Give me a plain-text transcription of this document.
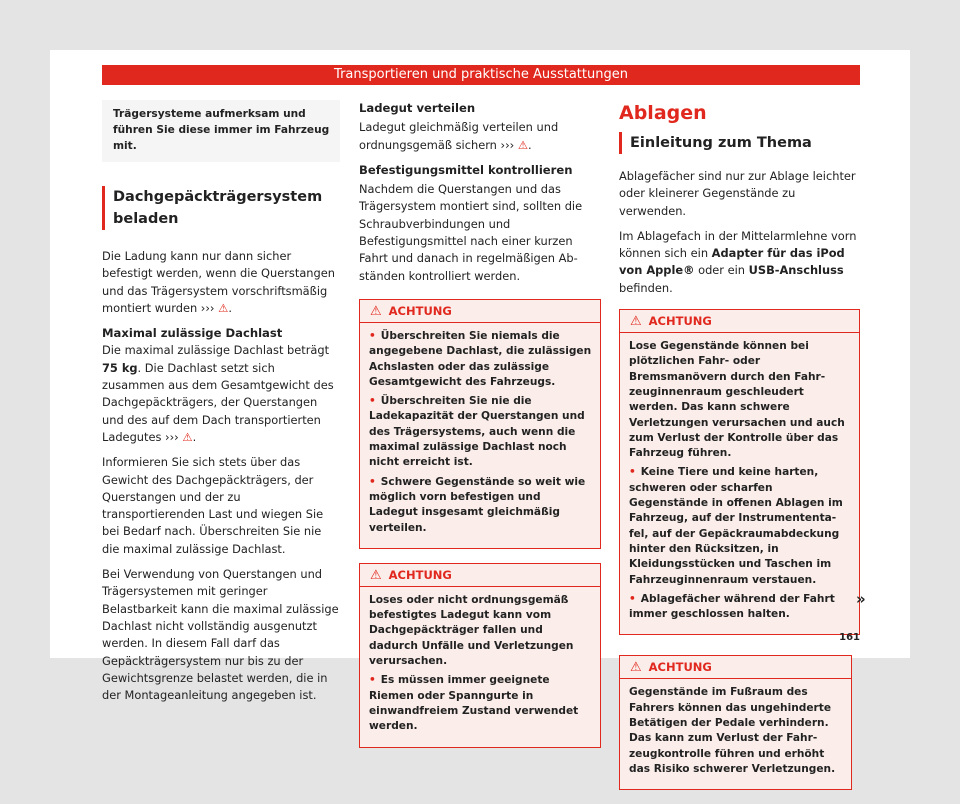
Transportieren und praktische Ausstattungen
Trägersysteme aufmerksam und führen Sie diese immer im Fahrzeug mit.
Dachgepäckträgersystem beladen

Die Ladung kann nur dann sicher befestigt werden, wenn die Querstangen und das Trägersystem vorschriftsmäßig montiert wurden ››› ⚠.

Maximal zulässige Dachlast

Die maximal zulässige Dachlast beträgt 75 kg. Die Dachlast setzt sich zusammen aus dem Gesamtgewicht des Dachgepäckträgers, der Querstangen und des auf dem Dach transportierten Ladegutes ››› ⚠.

Informieren Sie sich stets über das Gewicht des Dachgepäckträgers, der Querstangen und der zu transportierenden Last und wiegen Sie bei Bedarf nach. Überschreiten Sie nie die maximal zulässige Dachlast.

Bei Verwendung von Querstangen und Trägersystemen mit geringer Belastbarkeit kann die maximal zulässige Dachlast nicht vollständig ausgenutzt werden. In diesem Fall darf das Gepäckträgersystem nur bis zu der Gewichtsgrenze belastet werden, die in der Montageanleitung angegeben ist.

Ladegut verteilen

Ladegut gleichmäßig verteilen und ordnungsgemäß sichern ››› ⚠.

Befestigungsmittel kontrollieren

Nachdem die Querstangen und das Trägersystem montiert sind, sollten die Schraubverbindungen und Befestigungsmittel nach einer kurzen Fahrt und danach in regelmäßigen Abständen kontrolliert werden.

⚠ ACHTUNG
• Überschreiten Sie niemals die angegebene Dachlast, die zulässigen Achslasten oder das zulässige Gesamtgewicht des Fahrzeugs.
• Überschreiten Sie nie die Ladekapazität der Querstangen und des Trägersystems, auch wenn die maximal zulässige Dachlast noch nicht erreicht ist.
• Schwere Gegenstände so weit wie möglich vorn befestigen und Ladegut insgesamt gleichmäßig verteilen.
⚠ ACHTUNG
Loses oder nicht ordnungsgemäß befestigtes Ladegut kann vom Dachgepäckträger fallen und dadurch Unfälle und Verletzungen verursachen.
• Es müssen immer geeignete Riemen oder Spanngurte in einwandfreiem Zustand verwendet werden.
Ablagen
Einleitung zum Thema

Ablagefächer sind nur zur Ablage leichter oder kleinerer Gegenstände zu verwenden.

Im Ablagefach in der Mittelarmlehne vorn können sich ein Adapter für das iPod von Apple® oder ein USB-Anschluss befinden.

⚠ ACHTUNG
Lose Gegenstände können bei plötzlichen Fahr- oder Bremsmanövern durch den Fahrzeuginnenraum geschleudert werden. Das kann schwere Verletzungen verursachen und auch zum Verlust der Kontrolle über das Fahrzeug führen.
• Keine Tiere und keine harten, schweren oder scharfen Gegenstände in offenen Ablagen im Fahrzeug, auf der Instrumententafel, auf der Gepäckraumabdeckung hinter den Rücksitzen, in Kleidungsstücken und Taschen im Fahrzeuginnenraum verstauen.
• Ablagefächer während der Fahrt immer geschlossen halten.
⚠ ACHTUNG
Gegenstände im Fußraum des Fahrers können das ungehinderte Betätigen der Pedale verhindern. Das kann zum Verlust der Fahrzeugkontrolle führen und erhöht das Risiko schwerer Verletzungen.
»
161
